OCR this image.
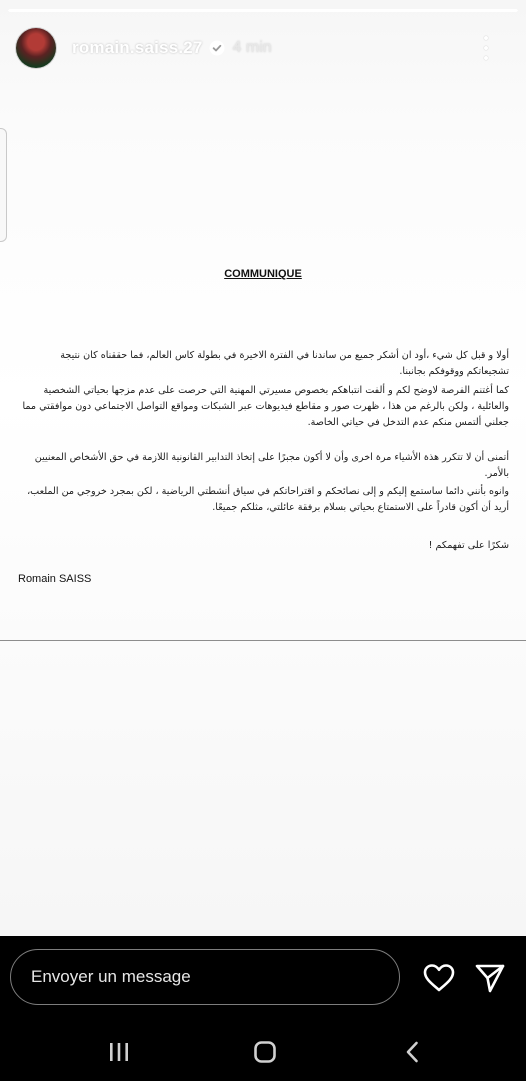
romain.saiss.27 4 min
COMMUNIQUE
أولا و قبل كل شيء ،أود ان أشكر جميع من ساندنا في الفترة الاخيرة في بطولة كاس العالم، فما حققناه كان نتيجة تشجيعاتكم ووقوفكم بجانبنا.
كما أغتنم الفرصة لاوضح لكم و ألفت انتباهكم بخصوص مسيرتي المهنية التي حرصت على عدم مزجها بحياتي الشخصية والعائلية ، ولكن بالرغم من هذا ، ظهرت صور و مقاطع فيديوهات عبر الشبكات ومواقع التواصل الاجتماعي دون موافقتي مما جعلني ألتمس منكم عدم التدخل في حياتي الخاصة.
أتمنى أن لا تتكرر هذة الأشياء مرة اخرى وأن لا أكون مجبرًا على إتخاذ التدابير القانونية اللازمة في حق الأشخاص المعنيين بالأمر.
وانوه بأنني دائما ساستمع إليكم و إلى نصائحكم و اقتراحاتكم في سياق أنشطتي الرياضية ، لكن بمجرد خروجي من الملعب، أريد أن أكون قادراً على الاستمتاع بحياتي بسلام برفقة عائلتي، مثلكم جميعًا.
شكرًا على تفهمكم !
Romain SAISS
Envoyer un message
